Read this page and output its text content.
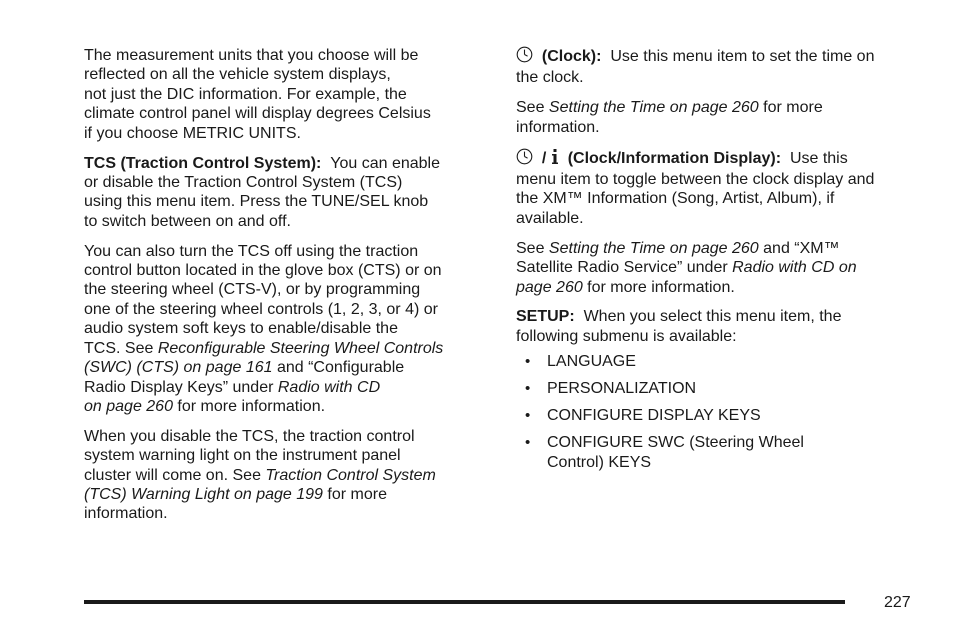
The measurement units that you choose will be
reflected on all the vehicle system displays,
not just the DIC information. For example, the
climate control panel will display degrees Celsius
if you choose METRIC UNITS.

TCS (Traction Control System): You can enable
or disable the Traction Control System (TCS)
using this menu item. Press the TUNE/SEL knob
to switch between on and off.

You can also turn the TCS off using the traction
control button located in the glove box (CTS) or on
the steering wheel (CTS-V), or by programming
one of the steering wheel controls (1, 2, 3, or 4) or
audio system soft keys to enable/disable the
TCS. See Reconfigurable Steering Wheel Controls
(SWC) (CTS) on page 161 and “Configurable
Radio Display Keys” under Radio with CD
on page 260 for more information.

When you disable the TCS, the traction control
system warning light on the instrument panel
cluster will come on. See Traction Control System
(TCS) Warning Light on page 199 for more
information.

(Clock): Use this menu item to set the time on
the clock.

See Setting the Time on page 260 for more
information.

/ (Clock/Information Display): Use this
menu item to toggle between the clock display and
the XM™ Information (Song, Artist, Album), if
available.

See Setting the Time on page 260 and “XM™
Satellite Radio Service” under Radio with CD on
page 260 for more information.

SETUP: When you select this menu item, the
following submenu is available:

• LANGUAGE
• PERSONALIZATION
• CONFIGURE DISPLAY KEYS
• CONFIGURE SWC (Steering Wheel
Control) KEYS
227
